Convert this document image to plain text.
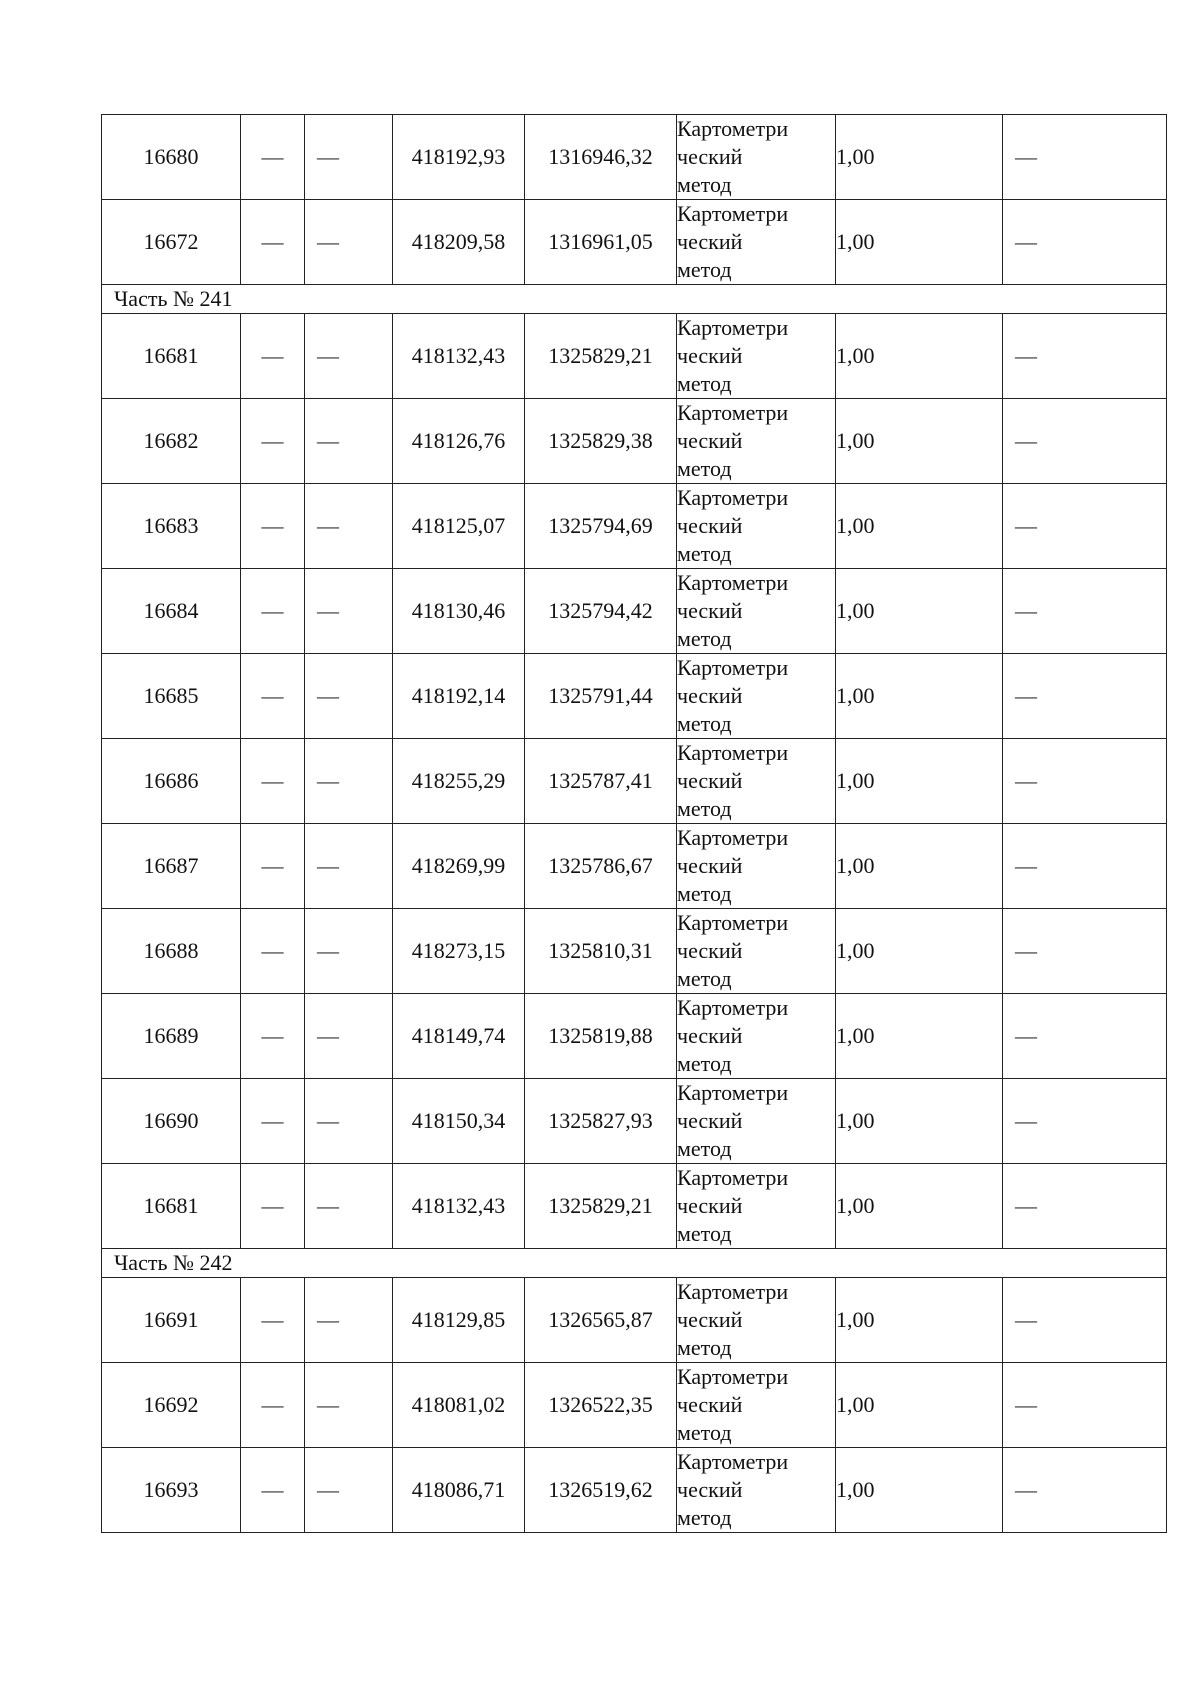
16680	—	—	418192,93	1316946,32	Картометри
ческий
метод	1,00	—
16672	—	—	418209,58	1316961,05	Картометри
ческий
метод	1,00	—
Часть № 241							
16681	—	—	418132,43	1325829,21	Картометри
ческий
метод	1,00	—
16682	—	—	418126,76	1325829,38	Картометри
ческий
метод	1,00	—
16683	—	—	418125,07	1325794,69	Картометри
ческий
метод	1,00	—
16684	—	—	418130,46	1325794,42	Картометри
ческий
метод	1,00	—
16685	—	—	418192,14	1325791,44	Картометри
ческий
метод	1,00	—
16686	—	—	418255,29	1325787,41	Картометри
ческий
метод	1,00	—
16687	—	—	418269,99	1325786,67	Картометри
ческий
метод	1,00	—
16688	—	—	418273,15	1325810,31	Картометри
ческий
метод	1,00	—
16689	—	—	418149,74	1325819,88	Картометри
ческий
метод	1,00	—
16690	—	—	418150,34	1325827,93	Картометри
ческий
метод	1,00	—
16681	—	—	418132,43	1325829,21	Картометри
ческий
метод	1,00	—
Часть № 242							
16691	—	—	418129,85	1326565,87	Картометри
ческий
метод	1,00	—
16692	—	—	418081,02	1326522,35	Картометри
ческий
метод	1,00	—
16693	—	—	418086,71	1326519,62	Картометри
ческий
метод	1,00	—
